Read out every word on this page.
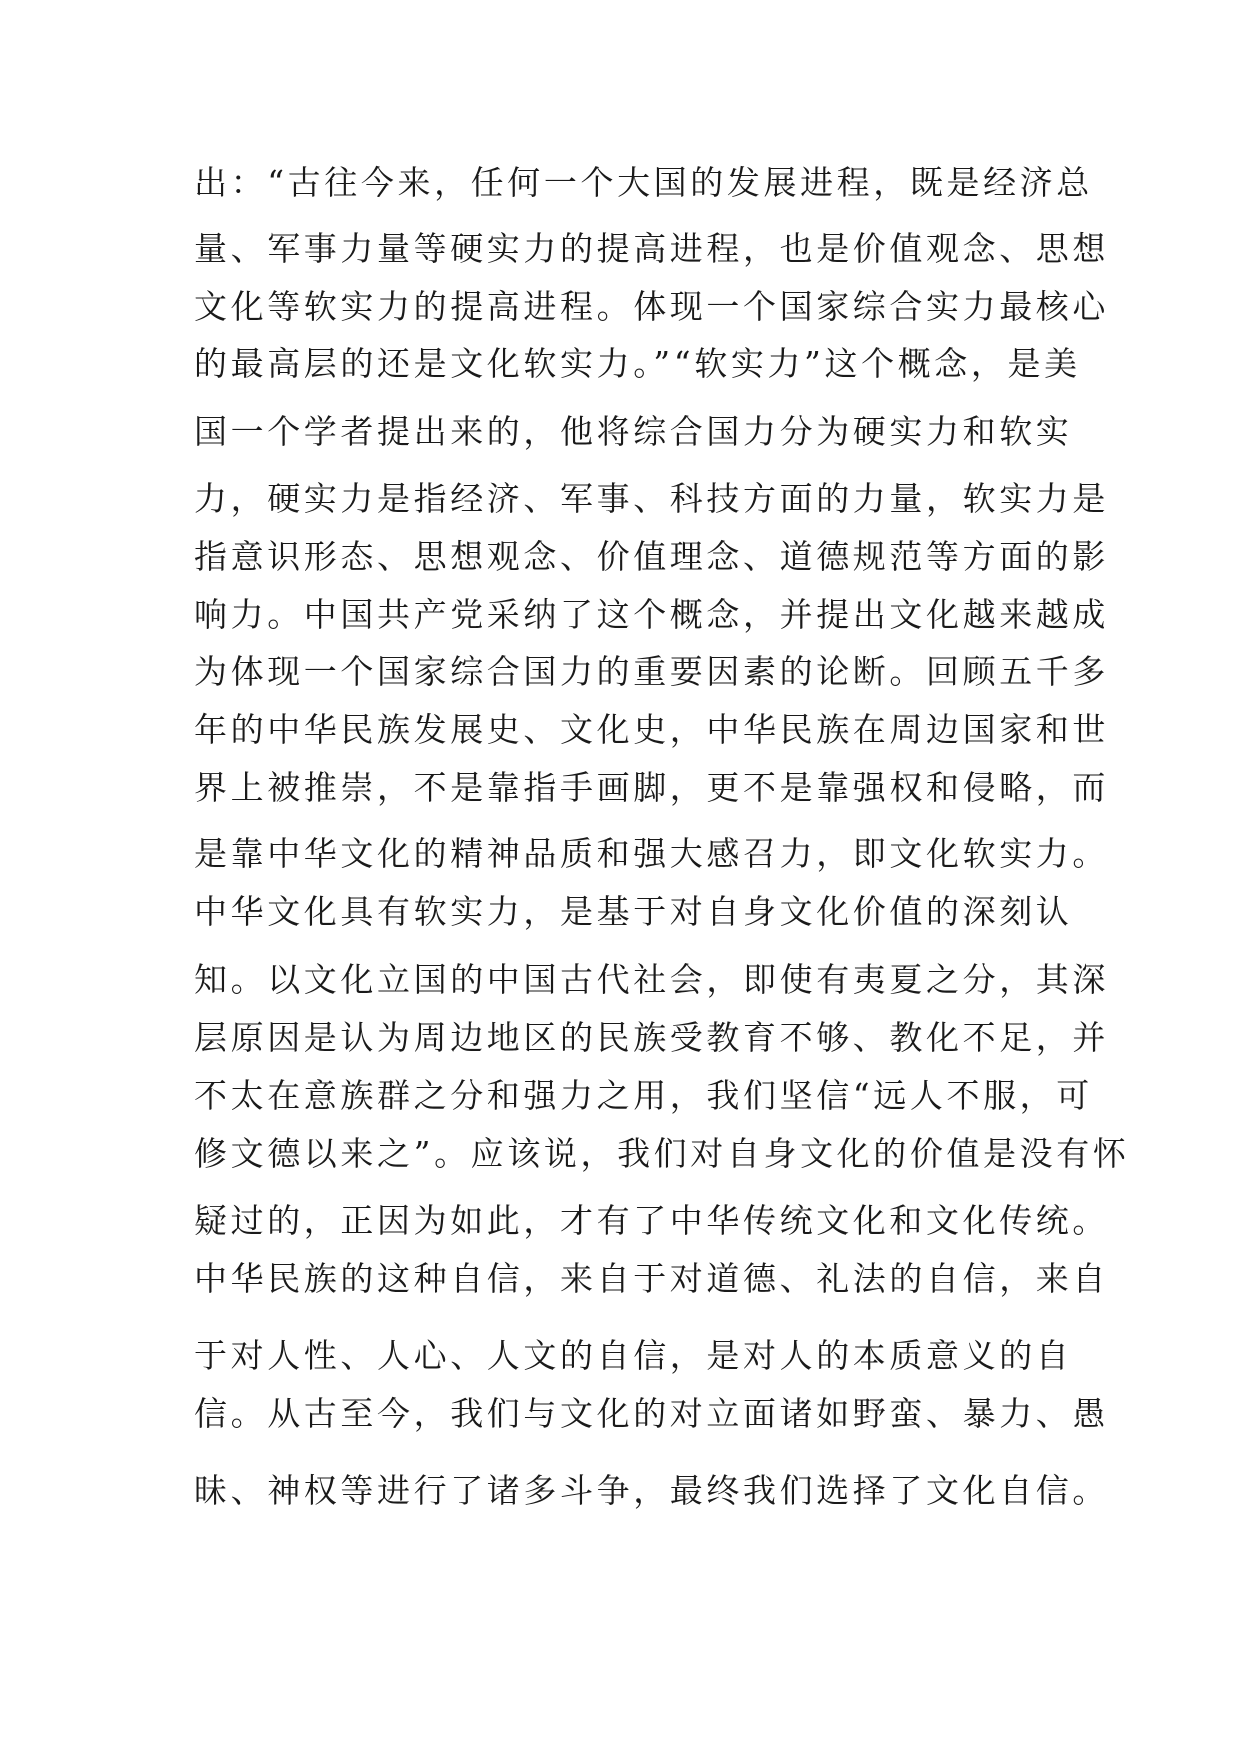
出：“古往今来，任何一个大国的发展进程，既是经济总

量、军事力量等硬实力的提高进程，也是价值观念、思想

文化等软实力的提高进程。体现一个国家综合实力最核心

的最高层的还是文化软实力。”“软实力”这个概念，是美

国一个学者提出来的，他将综合国力分为硬实力和软实

力，硬实力是指经济、军事、科技方面的力量，软实力是

指意识形态、思想观念、价值理念、道德规范等方面的影

响力。中国共产党采纳了这个概念，并提出文化越来越成

为体现一个国家综合国力的重要因素的论断。回顾五千多

年的中华民族发展史、文化史，中华民族在周边国家和世

界上被推崇，不是靠指手画脚，更不是靠强权和侵略，而

是靠中华文化的精神品质和强大感召力，即文化软实力。

中华文化具有软实力，是基于对自身文化价值的深刻认

知。以文化立国的中国古代社会，即使有夷夏之分，其深

层原因是认为周边地区的民族受教育不够、教化不足，并

不太在意族群之分和强力之用，我们坚信“远人不服，可

修文德以来之”。应该说，我们对自身文化的价值是没有怀

疑过的，正因为如此，才有了中华传统文化和文化传统。

中华民族的这种自信，来自于对道德、礼法的自信，来自

于对人性、人心、人文的自信，是对人的本质意义的自

信。从古至今，我们与文化的对立面诸如野蛮、暴力、愚

昧、神权等进行了诸多斗争，最终我们选择了文化自信。
